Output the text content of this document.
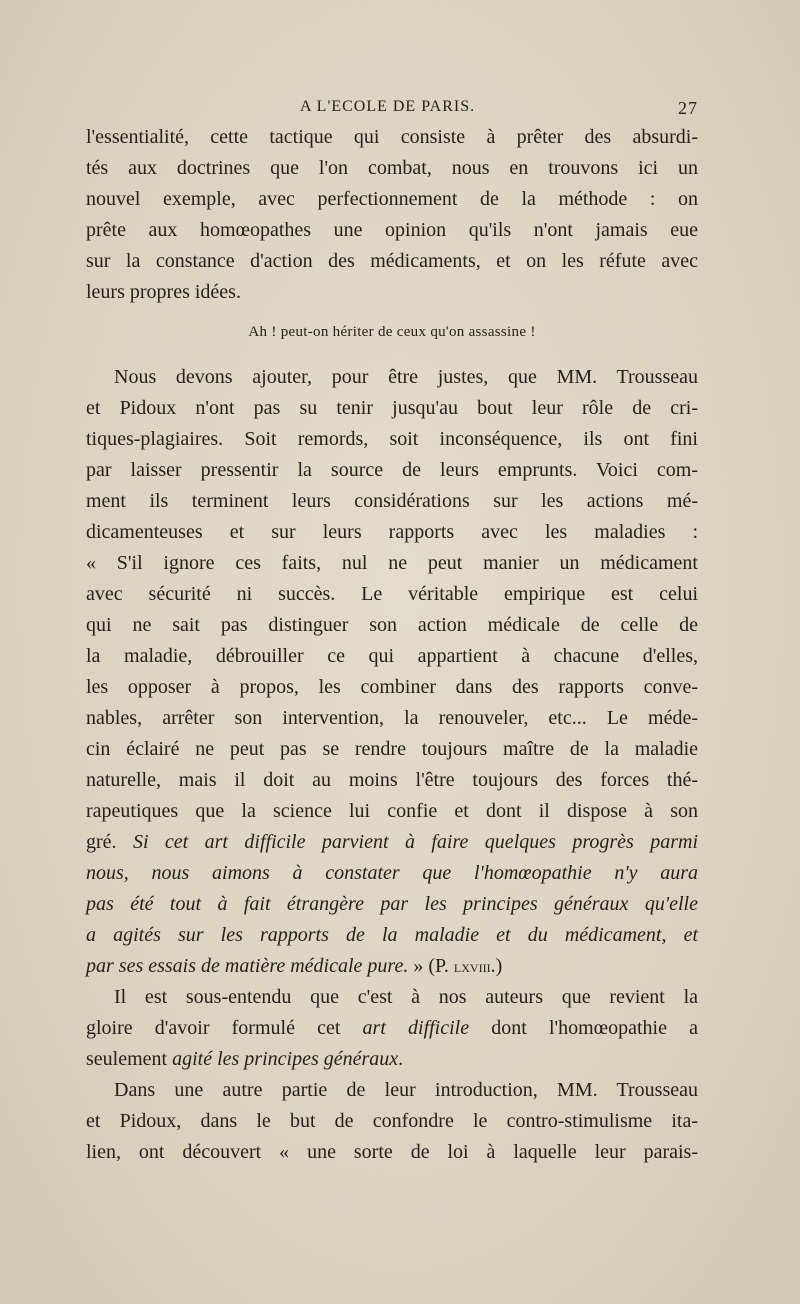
A L'ECOLE DE PARIS.	27

l'essentialité, cette tactique qui consiste à prêter des absurdi-
tés aux doctrines que l'on combat, nous en trouvons ici un
nouvel exemple, avec perfectionnement de la méthode : on
prête aux homœopathes une opinion qu'ils n'ont jamais eue
sur la constance d'action des médicaments, et on les réfute avec
leurs propres idées.

Ah ! peut-on hériter de ceux qu'on assassine !

Nous devons ajouter, pour être justes, que MM. Trousseau
et Pidoux n'ont pas su tenir jusqu'au bout leur rôle de cri-
tiques-plagiaires. Soit remords, soit inconséquence, ils ont fini
par laisser pressentir la source de leurs emprunts. Voici com-
ment ils terminent leurs considérations sur les actions mé-
dicamenteuses et sur leurs rapports avec les maladies :
« S'il ignore ces faits, nul ne peut manier un médicament
avec sécurité ni succès. Le véritable empirique est celui
qui ne sait pas distinguer son action médicale de celle de
la maladie, débrouiller ce qui appartient à chacune d'elles,
les opposer à propos, les combiner dans des rapports conve-
nables, arrêter son intervention, la renouveler, etc... Le méde-
cin éclairé ne peut pas se rendre toujours maître de la maladie
naturelle, mais il doit au moins l'être toujours des forces thé-
rapeutiques que la science lui confie et dont il dispose à son
gré. Si cet art difficile parvient à faire quelques progrès parmi
nous, nous aimons à constater que l'homœopathie n'y aura
pas été tout à fait étrangère par les principes généraux qu'elle
a agités sur les rapports de la maladie et du médicament, et
par ses essais de matière médicale pure. » (P. lxviii.)

Il est sous-entendu que c'est à nos auteurs que revient la
gloire d'avoir formulé cet art difficile dont l'homœopathie a
seulement agité les principes généraux.

Dans une autre partie de leur introduction, MM. Trousseau
et Pidoux, dans le but de confondre le contro-stimulisme ita-
lien, ont découvert « une sorte de loi à laquelle leur parais-
